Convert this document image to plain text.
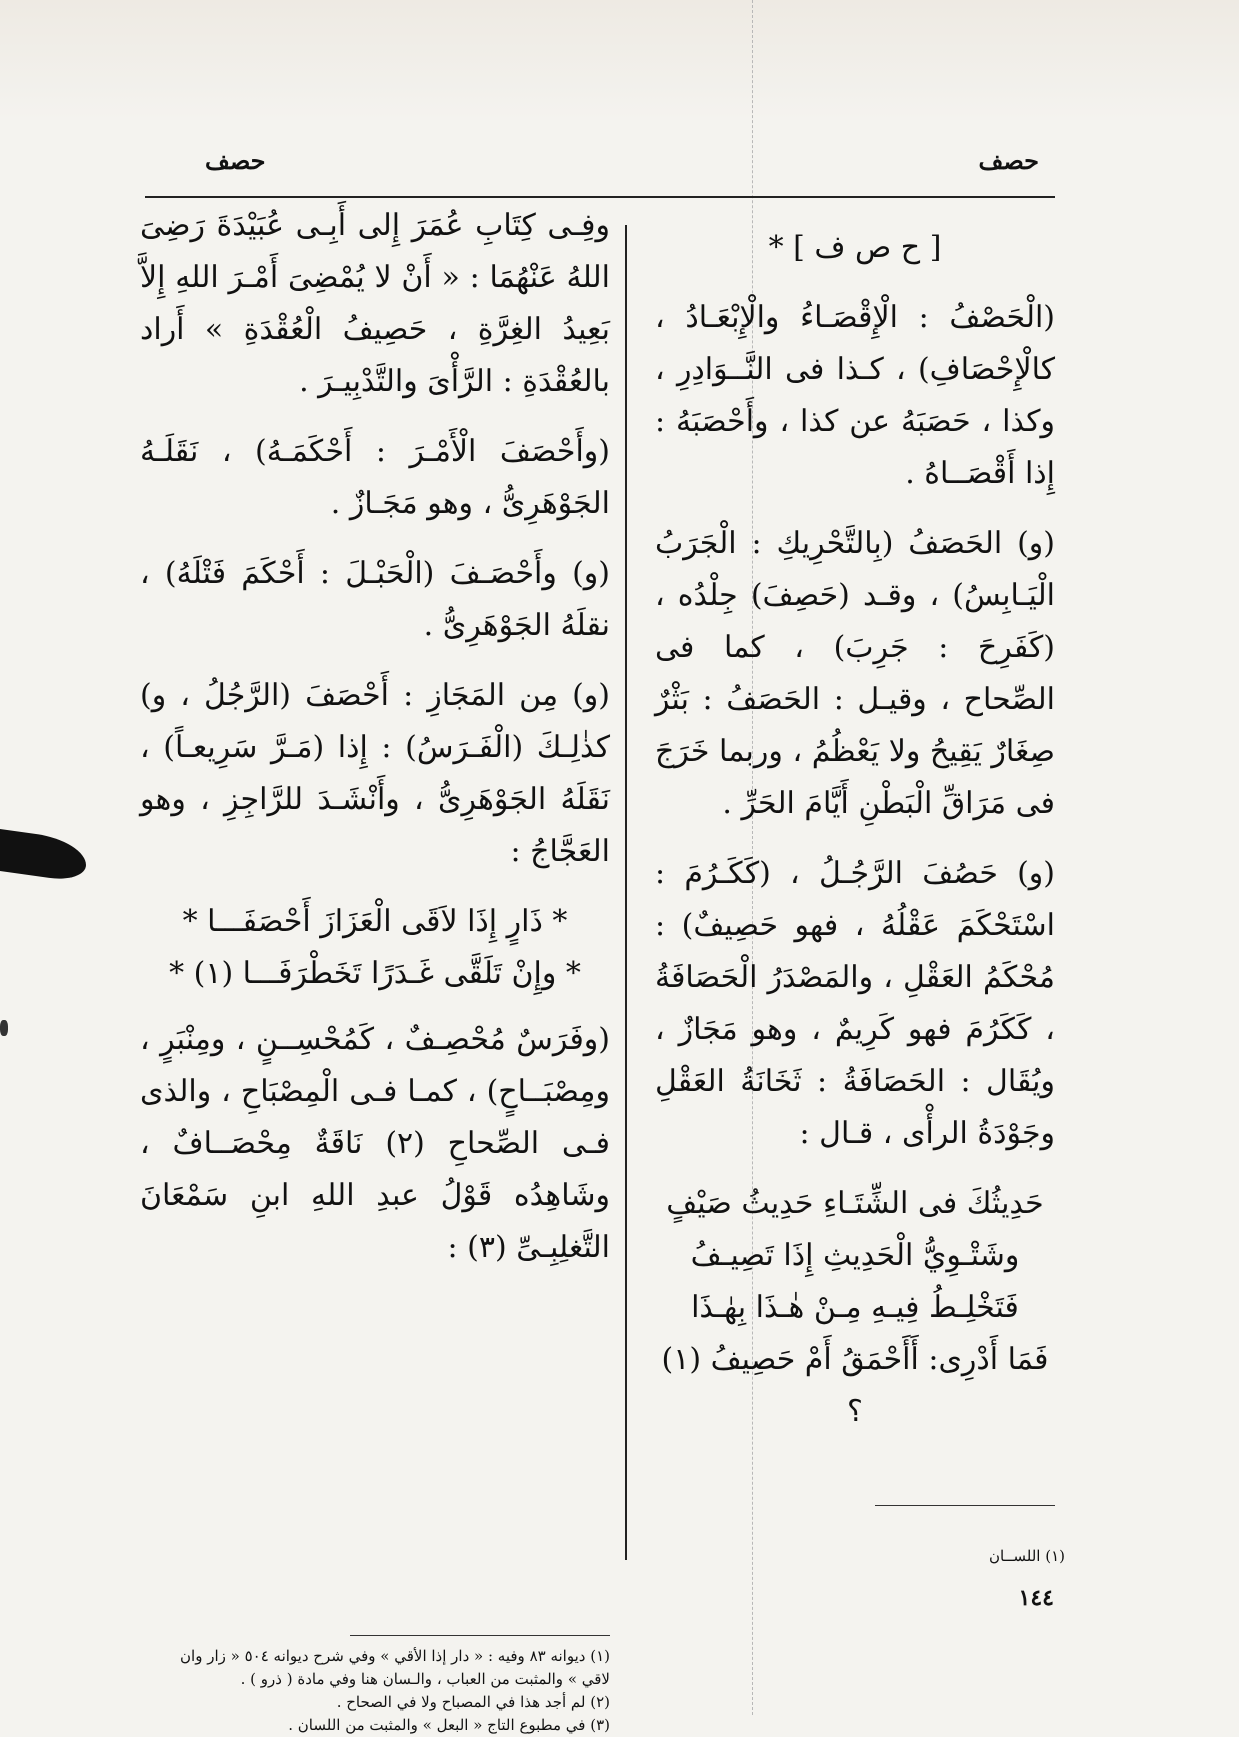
حصف
حصف

[ ح ص ف ] *

(الْحَصْفُ : الْإِقْصَـاءُ والْإِبْعَـادُ ، كالْإِحْصَافِ) ، كـذا فى النَّــوَادِرِ ، وكذا ، حَصَبَهُ عن كذا ، وأَحْصَبَهُ : إِذا أَقْصَــاهُ .

(و) الحَصَفُ (بِالتَّحْرِيكِ : الْجَرَبُ الْيَـابِسُ) ، وقـد (حَصِفَ) جِلْدُه ، (كَفَرِحَ : جَرِبَ) ، كما فى الصِّحاح ، وقيـل : الحَصَفُ : بَثْرٌ صِغَارٌ يَقِيحُ ولا يَعْظُمُ ، وربما خَرَجَ فى مَرَاقِّ الْبَطْنِ أَيَّامَ الحَرِّ .

(و) حَصُفَ الرَّجُـلُ ، (كَكَـرُمَ : اسْتَحْكَمَ عَقْلُهُ ، فهو حَصِيفٌ) : مُحْكَمُ العَقْلِ ، والمَصْدَرُ الْحَصَافَةُ ، كَكَرُمَ فهو كَرِيمٌ ، وهو مَجَازٌ ، ويُقَال : الحَصَافَةُ : ثَخَانَةُ العَقْلِ وجَوْدَةُ الرأْى ، قـال :

حَدِيثُكَ فى الشِّتَـاءِ حَدِيثُ صَيْفٍ
وشَتْـوِيُّ الْحَدِيثِ إِذَا تَصِيـفُ
فَتَخْلِـطُ فِيـهِ مِـنْ هٰـذَا بِهٰـذَا
فَمَا أَدْرِى: أَأَحْمَقُ أَمْ حَصِيفُ (١) ؟

وفِـى كِتَابِ عُمَرَ إِلى أَبِـى عُبَيْدَةَ رَضِىَ اللهُ عَنْهُمَا : « أَنْ لا يُمْضِىَ أَمْـرَ اللهِ إِلاَّ بَعِيدُ الغِرَّةِ ، حَصِيفُ الْعُقْدَةِ » أَراد بالعُقْدَةِ : الرَّأْىَ والتَّدْبِيـرَ .

(وأَحْصَفَ الْأَمْـرَ : أَحْكَمَـهُ) ، نَقَلَـهُ الجَوْهَرِىُّ ، وهو مَجَـازٌ .

(و) وأَحْصَـفَ (الْحَبْـلَ : أَحْكَمَ فَتْلَهُ) ، نقلَهُ الجَوْهَرِىُّ .

(و) مِن المَجَازِ : أَحْصَفَ (الرَّجُلُ ، و) كذٰلِـكَ (الْفَـرَسُ) : إِذا (مَـرَّ سَرِيعـاً) ، نَقَلَهُ الجَوْهَرِىُّ ، وأَنْشَـدَ للرَّاجِزِ ، وهو العَجَّاجُ :

* ذَارٍ إِذَا لاَقَى الْعَزَازَ أَحْصَفَـــا *
* وإِنْ تَلَقَّى غَـدَرًا تَخَطْرَفَـــا (١) *

(وفَرَسٌ مُحْصِـفٌ ، كَمُحْسِــنٍ ، ومِنْبَرٍ ، ومِصْبَــاحٍ) ، كمـا فـى الْمِصْبَاحِ ، والذى فـى الصِّحاحِ (٢) نَاقَةٌ مِحْصَــافٌ ، وشَاهِدُه قَوْلُ عبدِ اللهِ ابنِ سَمْعَانَ التَّغلِبِـىِّ (٣) :

(١) ديوانه ٨٣ وفيه : « دار إذا الأقي » وفي شرح ديوانه ٥٠٤ « زار وان لاقي » والمثبت من العباب ، والـسان هنا وفي مادة ( ذرو ) .
(٢) لم أجد هذا في المصباح ولا في الصحاح .
(٣) في مطبوع التاج « البعل » والمثبت من اللسان .
(١) اللســان
١٤٤
